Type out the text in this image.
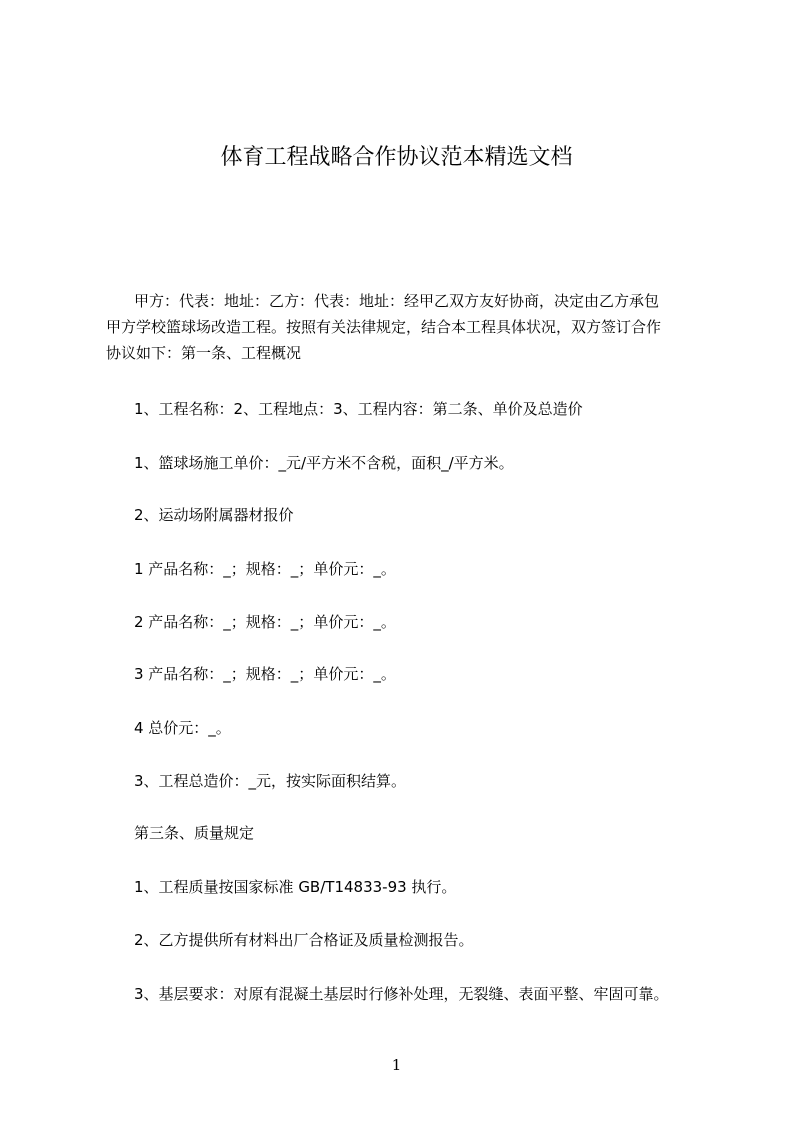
体育工程战略合作协议范本精选文档

甲方：代表：地址：乙方：代表：地址：经甲乙双方友好协商，决定由乙方承包
甲方学校篮球场改造工程。按照有关法律规定，结合本工程具体状况，双方签订合作
协议如下：第一条、工程概况

1、工程名称：2、工程地点：3、工程内容：第二条、单价及总造价

1、篮球场施工单价：_元/平方米不含税，面积_/平方米。

2、运动场附属器材报价

1 产品名称：_；规格：_；单价元：_。

2 产品名称：_；规格：_；单价元：_。

3 产品名称：_；规格：_；单价元：_。

4 总价元：_。

3、工程总造价：_元，按实际面积结算。

第三条、质量规定

1、工程质量按国家标准 GB/T14833-93 执行。

2、乙方提供所有材料出厂合格证及质量检测报告。

3、基层要求：对原有混凝土基层时行修补处理，无裂缝、表面平整、牢固可靠。

1
